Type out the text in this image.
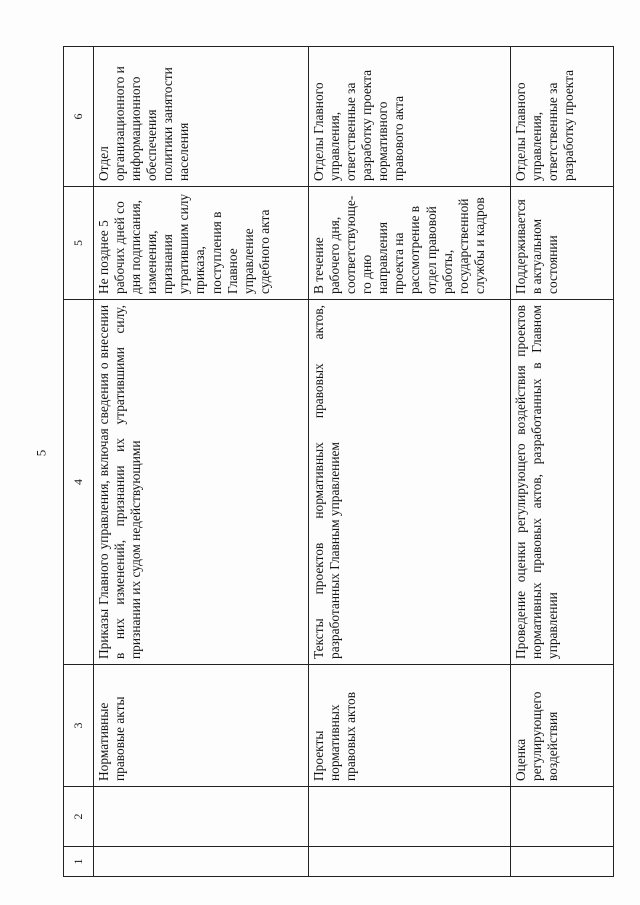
5
1	2	3	4	5	6
		Нормативные правовые акты	Приказы Главного управления, включая сведения о внесении в них изменений, признании их утратившими силу, признании их судом недействующими	Не позднее 5 рабочих дней со дня подписания, изменения, признания утратившим силу приказа, поступления в Главное управление судебного акта	Отдел организационного и информационного обеспечения политики занятости населения
		Проекты нормативных правовых актов	Тексты проектов нормативных правовых актов, разработанных Главным управлением	В течение рабочего дня, соответствующе-го дню направления проекта на рассмотрение в отдел правовой работы, государственной службы и кадров	Отделы Главного управления, ответственные за разработку проекта нормативного правового акта
		Оценка регулирующего воздействия	Проведение оценки регулирующего воздействия проектов нормативных правовых актов, разработанных в Главном управлении	Поддерживается в актуальном состоянии	Отделы Главного управления, ответственные за разработку проекта
